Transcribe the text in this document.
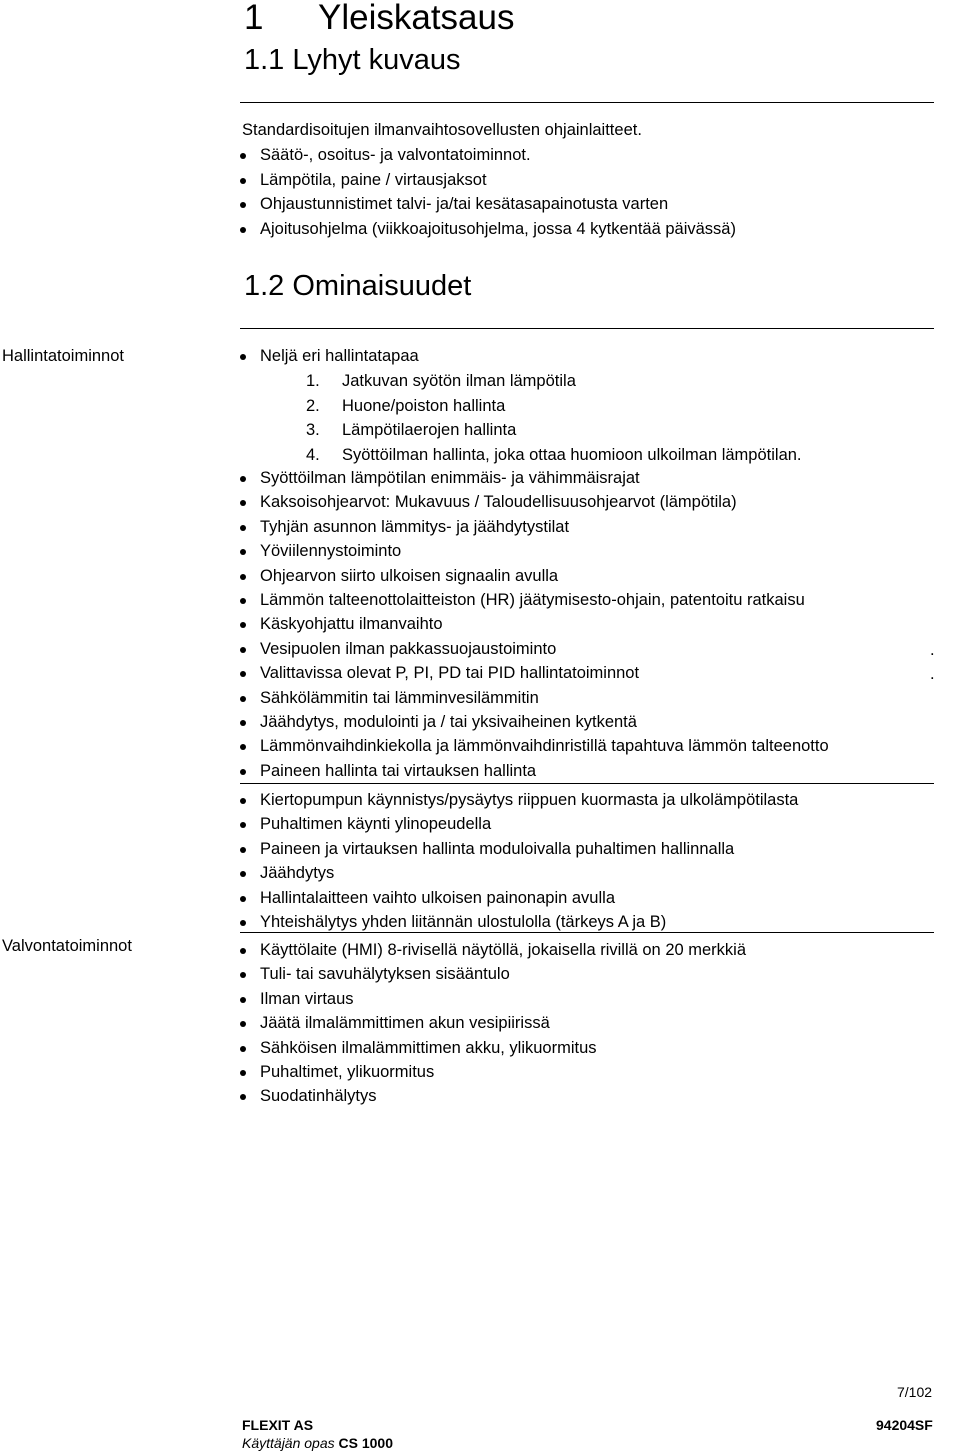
1 Yleiskatsaus
1.1 Lyhyt kuvaus
Standardisoitujen ilmanvaihtosovellusten ohjainlaitteet.
Säätö-, osoitus- ja valvontatoiminnot.
Lämpötila, paine / virtausjaksot
Ohjaustunnistimet talvi- ja/tai kesätasapainotusta varten
Ajoitusohjelma (viikkoajoitusohjelma, jossa 4 kytkentää päivässä)
1.2 Ominaisuudet
Hallintatoiminnot
Valvontatoiminnot
Neljä eri hallintatapaa
1. Jatkuvan syötön ilman lämpötila
2. Huone/poiston hallinta
3. Lämpötilaerojen hallinta
4. Syöttöilman hallinta, joka ottaa huomioon ulkoilman lämpötilan.
Syöttöilman lämpötilan enimmäis- ja vähimmäisrajat
Kaksoisohjearvot: Mukavuus / Taloudellisuusohjearvot (lämpötila)
Tyhjän asunnon lämmitys- ja jäähdytystilat
Yöviilennystoiminto
Ohjearvon siirto ulkoisen signaalin avulla
Lämmön talteenottolaitteiston (HR) jäätymisesto-ohjain, patentoitu ratkaisu
Käskyohjattu ilmanvaihto
Vesipuolen ilman pakkassuojaustoiminto
Valittavissa olevat P, PI, PD tai PID hallintatoiminnot
Sähkölämmitin tai lämminvesilämmitin
Jäähdytys, modulointi ja / tai yksivaiheinen kytkentä
Lämmönvaihdinkiekolla ja lämmönvaihdinristillä tapahtuva lämmön talteenotto
Paineen hallinta tai virtauksen hallinta
.
.
Kiertopumpun käynnistys/pysäytys riippuen kuormasta ja ulkolämpötilasta
Puhaltimen käynti ylinopeudella
Paineen ja virtauksen hallinta moduloivalla puhaltimen hallinnalla
Jäähdytys
Hallintalaitteen vaihto ulkoisen painonapin avulla
Yhteishälytys yhden liitännän ulostulolla (tärkeys A ja B)
Käyttölaite (HMI) 8-rivisellä näytöllä, jokaisella rivillä on 20 merkkiä
Tuli- tai savuhälytyksen sisääntulo
Ilman virtaus
Jäätä ilmalämmittimen akun vesipiirissä
Sähköisen ilmalämmittimen akku, ylikuormitus
Puhaltimet, ylikuormitus
Suodatinhälytys
7/102
FLEXIT AS
Käyttäjän opas CS 1000
94204SF
